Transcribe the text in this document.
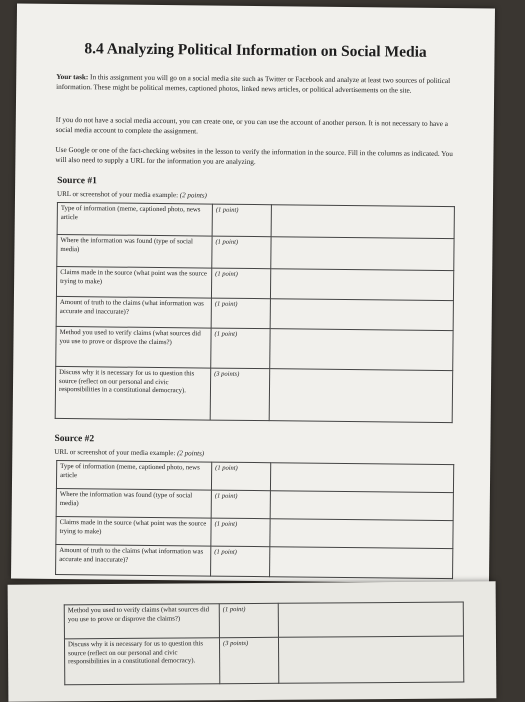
8.4 Analyzing Political Information on Social Media
Your task: In this assignment you will go on a social media site such as Twitter or Facebook and analyze at least two sources of political information. These might be political memes, captioned photos, linked news articles, or political advertisements on the site.
If you do not have a social media account, you can create one, or you can use the account of another person. It is not necessary to have a social media account to complete the assignment.
Use Google or one of the fact-checking websites in the lesson to verify the information in the source. Fill in the columns as indicated. You will also need to supply a URL for the information you are analyzing.
Source #1
URL or screenshot of your media example: (2 points)
Type of information (meme, captioned photo, news article	(1 point)	
Where the information was found (type of social media)	(1 point)	
Claims made in the source (what point was the source trying to make)	(1 point)	
Amount of truth to the claims (what information was accurate and inaccurate)?	(1 point)	
Method you used to verify claims (what sources did you use to prove or disprove the claims?)	(1 point)	
Discuss why it is necessary for us to question this source (reflect on our personal and civic responsibilities in a constitutional democracy).	(3 points)	
Source #2
URL or screenshot of your media example: (2 points)
Type of information (meme, captioned photo, news article	(1 point)	
Where the information was found (type of social media)	(1 point)	
Claims made in the source (what point was the source trying to make)	(1 point)	
Amount of truth to the claims (what information was accurate and inaccurate)?	(1 point)	
Method you used to verify claims (what sources did you use to prove or disprove the claims?)	(1 point)	
Discuss why it is necessary for us to question this source (reflect on our personal and civic responsibilities in a constitutional democracy).	(3 points)	
